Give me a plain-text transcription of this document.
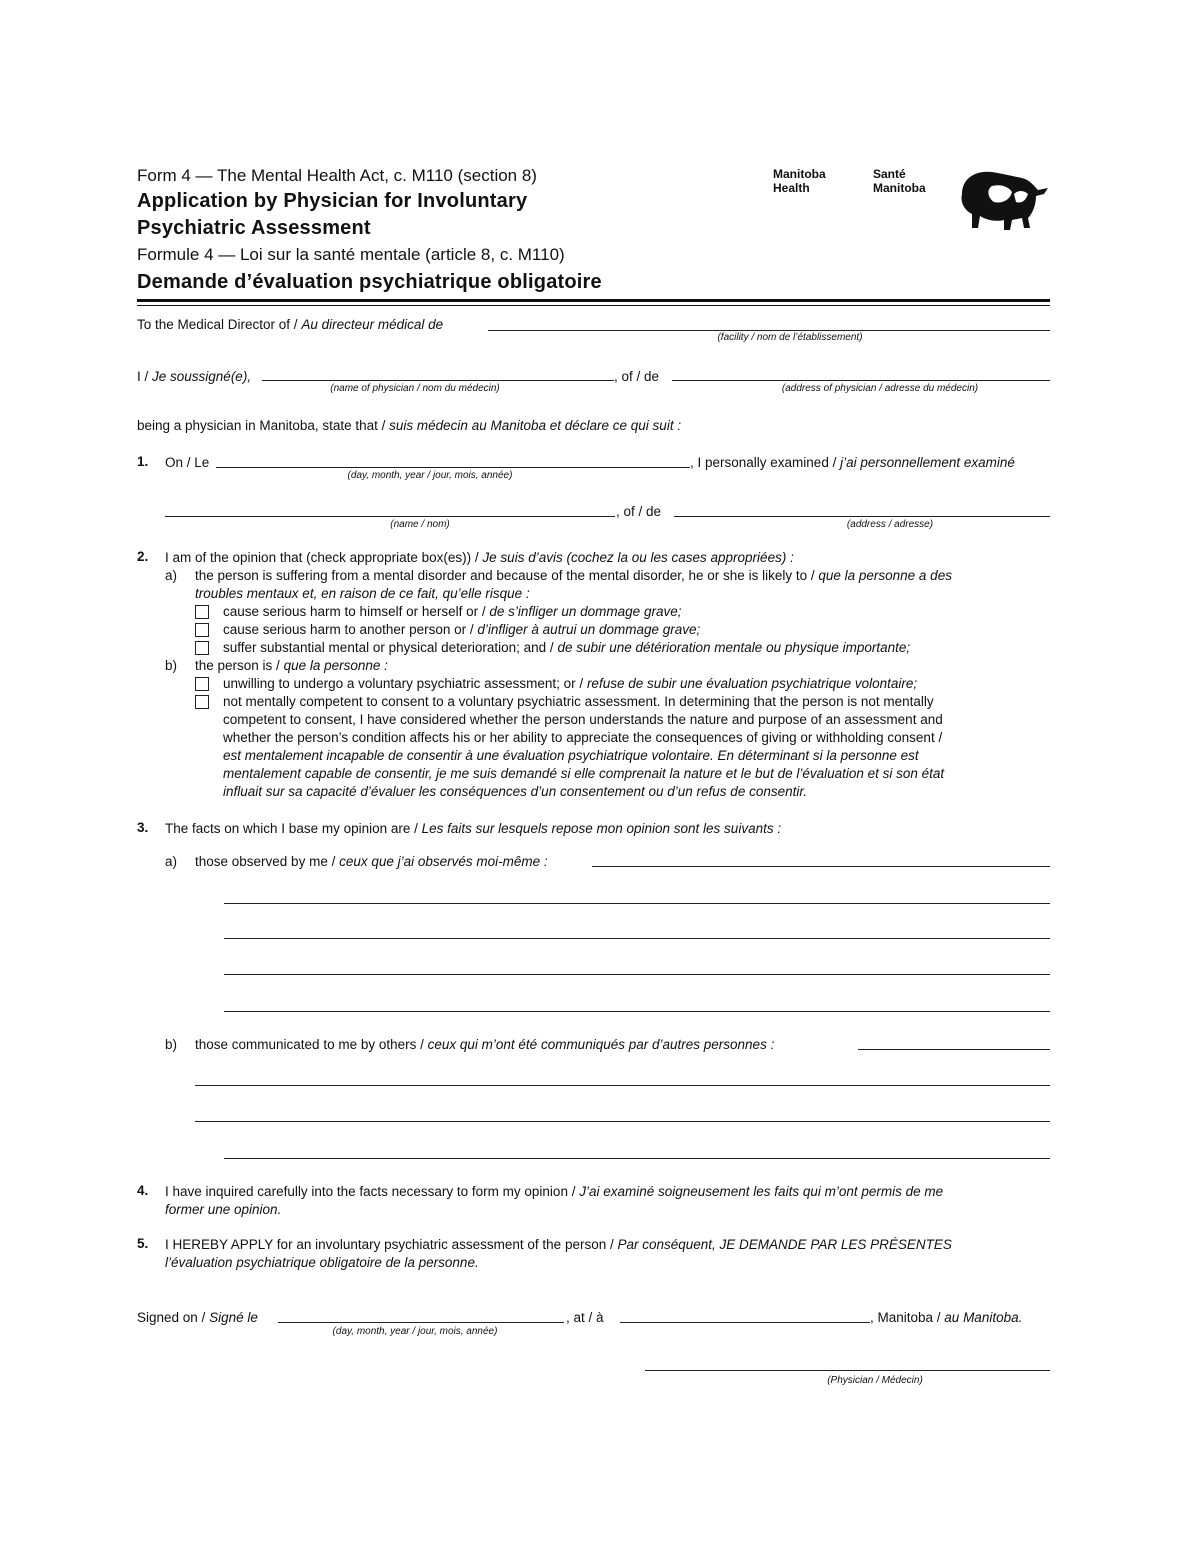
Form 4 — The Mental Health Act, c. M110 (section 8)
Application by Physician for Involuntary
Psychiatric Assessment
Formule 4 — Loi sur la santé mentale (article 8, c. M110)
Demande d’évaluation psychiatrique obligatoire
Manitoba
Health
Santé
Manitoba
To the Medical Director of / Au directeur médical de
(facility / nom de l’établissement)
I / Je soussigné(e),	, of / de
(name of physician / nom du médecin)	(address of physician / adresse du médecin)
being a physician in Manitoba, state that / suis médecin au Manitoba et déclare ce qui suit :
1. On / Le	, I personally examined / j’ai personnellement examiné
(day, month, year / jour, mois, année)
, of / de
(name / nom)	(address / adresse)
2. I am of the opinion that (check appropriate box(es)) / Je suis d’avis (cochez la ou les cases appropriées) :
a) the person is suffering from a mental disorder and because of the mental disorder, he or she is likely to / que la personne a des
troubles mentaux et, en raison de ce fait, qu’elle risque :
cause serious harm to himself or herself or / de s’infliger un dommage grave;
cause serious harm to another person or / d’infliger à autrui un dommage grave;
suffer substantial mental or physical deterioration; and / de subir une détérioration mentale ou physique importante;
b) the person is / que la personne :
unwilling to undergo a voluntary psychiatric assessment; or / refuse de subir une évaluation psychiatrique volontaire;
not mentally competent to consent to a voluntary psychiatric assessment. In determining that the person is not mentally
competent to consent, I have considered whether the person understands the nature and purpose of an assessment and
whether the person’s condition affects his or her ability to appreciate the consequences of giving or withholding consent /
est mentalement incapable de consentir à une évaluation psychiatrique volontaire. En déterminant si la personne est
mentalement capable de consentir, je me suis demandé si elle comprenait la nature et le but de l’évaluation et si son état
influait sur sa capacité d’évaluer les conséquences d’un consentement ou d’un refus de consentir.
3. The facts on which I base my opinion are / Les faits sur lesquels repose mon opinion sont les suivants :
a) those observed by me / ceux que j’ai observés moi-même :
b) those communicated to me by others / ceux qui m’ont été communiqués par d’autres personnes :
4. I have inquired carefully into the facts necessary to form my opinion / J’ai examiné soigneusement les faits qui m’ont permis de me
former une opinion.
5. I HEREBY APPLY for an involuntary psychiatric assessment of the person / Par conséquent, JE DEMANDE PAR LES PRÉSENTES
l’évaluation psychiatrique obligatoire de la personne.
Signed on / Signé le	, at / à	, Manitoba / au Manitoba.
(day, month, year / jour, mois, année)
(Physician / Médecin)
